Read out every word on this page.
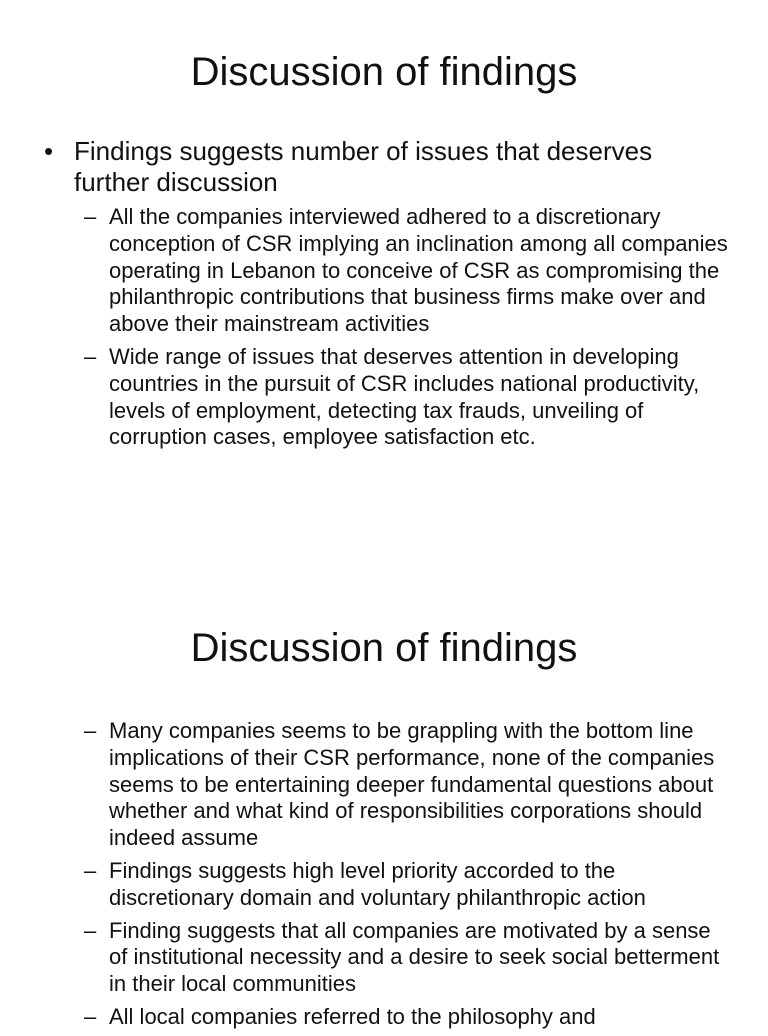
Discussion of findings
• Findings suggests number of issues that deserves further discussion
– All the companies interviewed adhered to a discretionary conception of CSR implying an inclination among all companies operating in Lebanon to conceive of CSR as compromising the philanthropic contributions that business firms make over and above their mainstream activities
– Wide range of issues that deserves attention in developing countries in the pursuit of CSR includes national productivity, levels of employment, detecting tax frauds, unveiling of corruption cases, employee satisfaction etc.
Discussion of findings
– Many companies seems to be grappling with the bottom line implications of their CSR performance, none of the companies seems to be entertaining deeper fundamental questions about whether and what kind of responsibilities corporations should indeed assume
– Findings suggests high level priority accorded to the discretionary domain and voluntary philanthropic action
– Finding suggests that all companies are motivated by a sense of institutional necessity and a desire to seek social betterment in their local communities
– All local companies referred to the philosophy and
